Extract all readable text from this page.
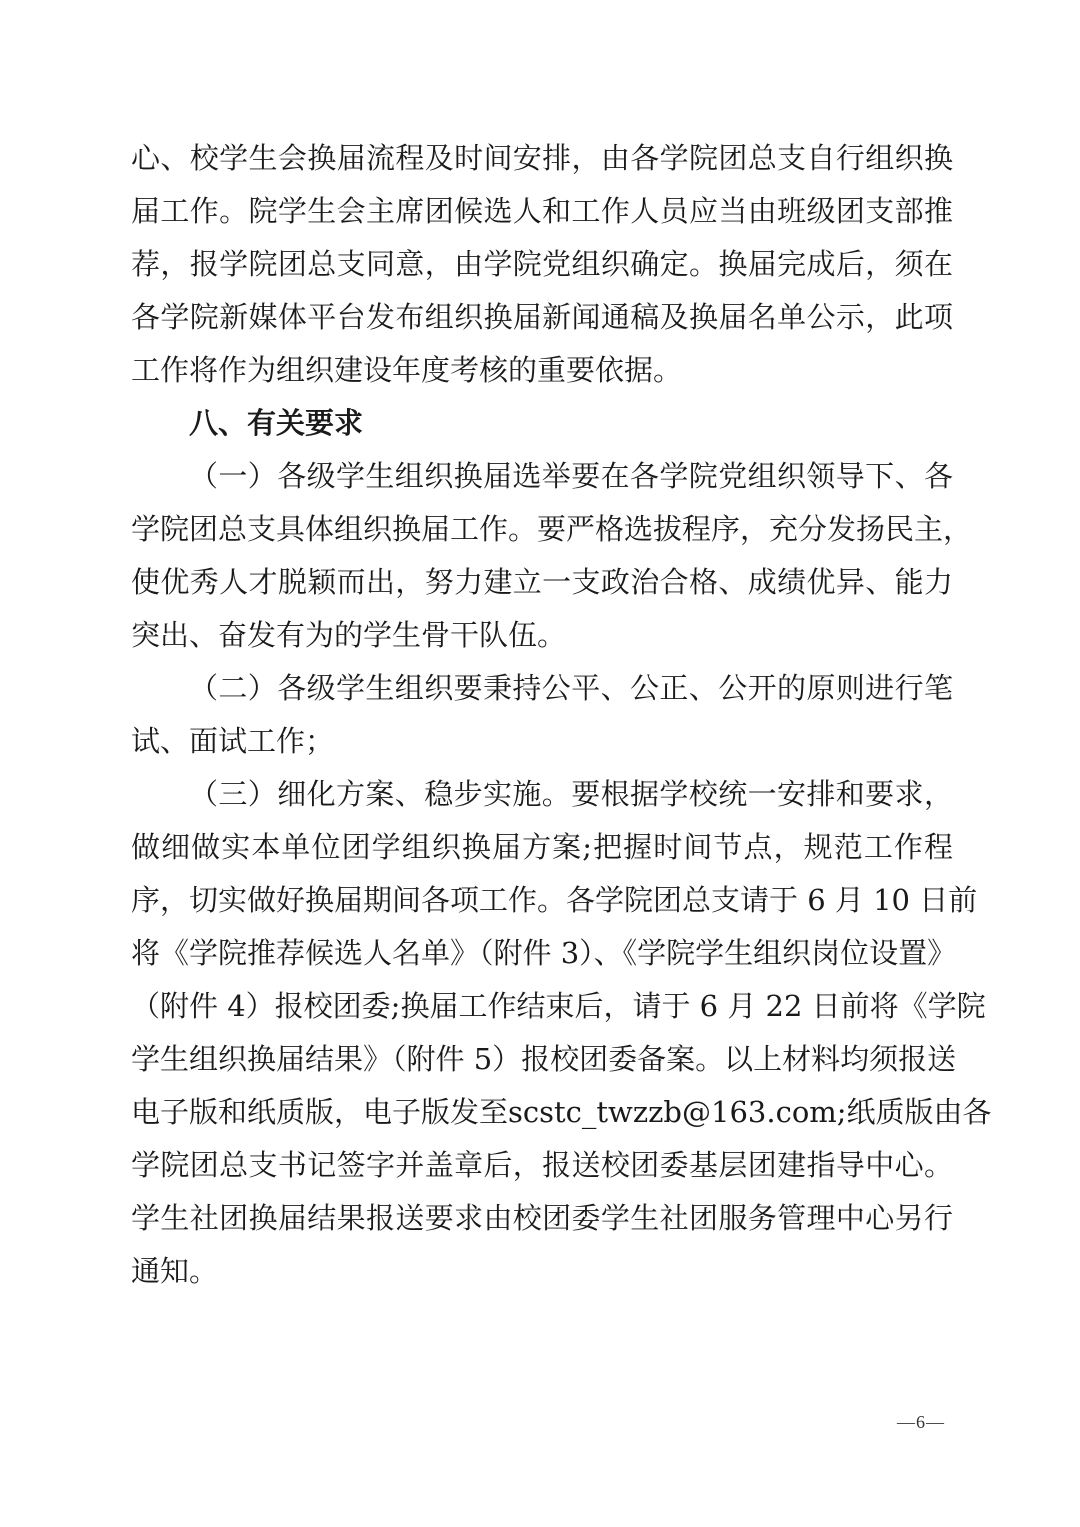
心、校学生会换届流程及时间安排，由各学院团总支自行组织换
届工作。院学生会主席团候选人和工作人员应当由班级团支部推
荐，报学院团总支同意，由学院党组织确定。换届完成后，须在
各学院新媒体平台发布组织换届新闻通稿及换届名单公示，此项
工作将作为组织建设年度考核的重要依据。
八、有关要求
（一）各级学生组织换届选举要在各学院党组织领导下、各
学院团总支具体组织换届工作。要严格选拔程序，充分发扬民主，
使优秀人才脱颖而出，努力建立一支政治合格、成绩优异、能力
突出、奋发有为的学生骨干队伍。
（二）各级学生组织要秉持公平、公正、公开的原则进行笔
试、面试工作；
（三）细化方案、稳步实施。要根据学校统一安排和要求，
做细做实本单位团学组织换届方案;把握时间节点，规范工作程
序，切实做好换届期间各项工作。各学院团总支请于 6 月 10 日前
将《学院推荐候选人名单》（附件 3）、《学院学生组织岗位设置》
（附件 4）报校团委;换届工作结束后，请于 6 月 22 日前将《学院
学生组织换届结果》（附件 5）报校团委备案。以上材料均须报送
电子版和纸质版，电子版发至scstc_twzzb@163.com;纸质版由各
学院团总支书记签字并盖章后，报送校团委基层团建指导中心。
学生社团换届结果报送要求由校团委学生社团服务管理中心另行
通知。
—6—
